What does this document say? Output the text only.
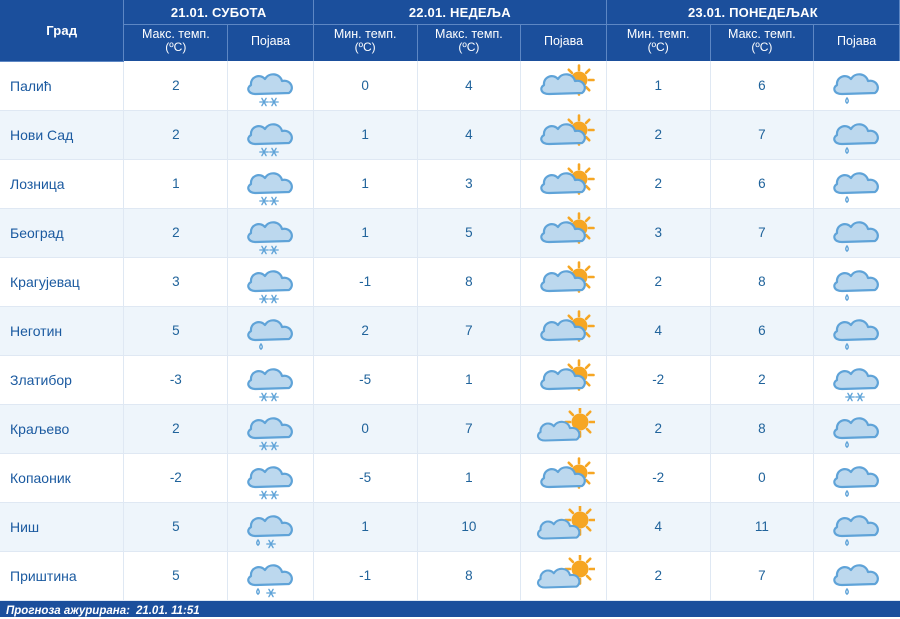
Град	21.01. СУБОТА		22.01. НЕДЕЉА			23.01. ПОНЕДЕЉАК		
	Макс. темп.
(ºC)	Појава	Мин. темп.
(ºC)	Макс. темп.
(ºC)	Појава	Мин. темп.
(ºC)	Макс. темп.
(ºC)	Појава
Палић	2		0	4		1	6	

Нови Сад	2		1	4		2	7	

Лозница	1		1	3		2	6	

Београд	2		1	5		3	7	

Крагујевац	3		-1	8		2	8	

Неготин	5		2	7		4	6	

Златибор	-3		-5	1		-2	2	

Краљево	2		0	7		2	8	

Копаоник	-2		-5	1		-2	0	

Ниш	5		1	10		4	11	

Приштина	5		-1	8		2	7	
Прогноза ажурирана: 21.01. 11:51
